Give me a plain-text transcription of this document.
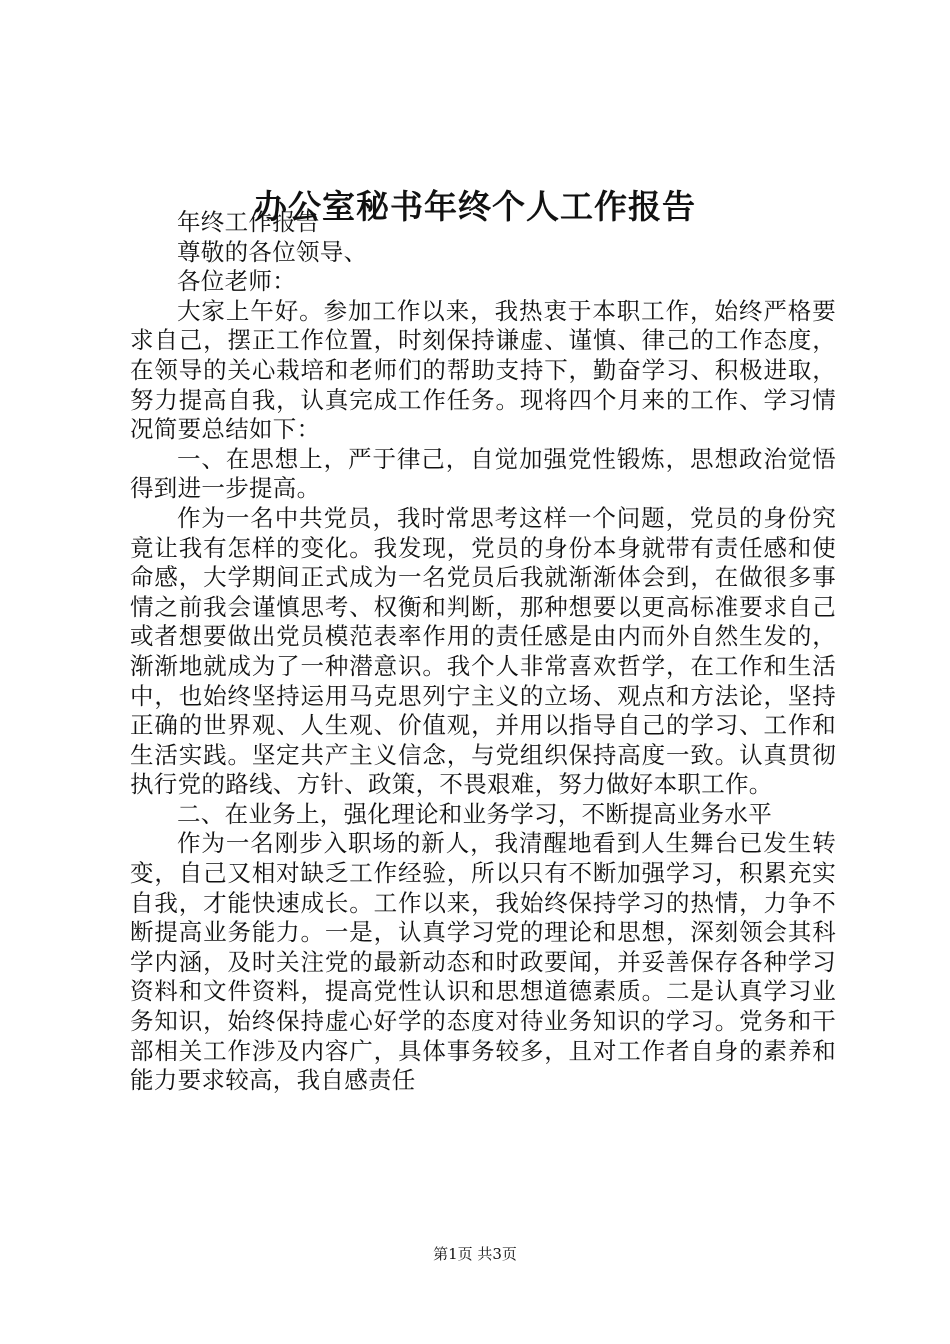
办公室秘书年终个人工作报告

年终工作报告

尊敬的各位领导、

各位老师：

大家上午好。参加工作以来，我热衷于本职工作，始终严格要求自己，摆正工作位置，时刻保持谦虚、谨慎、律己的工作态度，在领导的关心栽培和老师们的帮助支持下，勤奋学习、积极进取，努力提高自我，认真完成工作任务。现将四个月来的工作、学习情况简要总结如下：

一、在思想上，严于律己，自觉加强党性锻炼，思想政治觉悟得到进一步提高。

作为一名中共党员，我时常思考这样一个问题，党员的身份究竟让我有怎样的变化。我发现，党员的身份本身就带有责任感和使命感，大学期间正式成为一名党员后我就渐渐体会到，在做很多事情之前我会谨慎思考、权衡和判断，那种想要以更高标准要求自己或者想要做出党员模范表率作用的责任感是由内而外自然生发的，渐渐地就成为了一种潜意识。我个人非常喜欢哲学，在工作和生活中，也始终坚持运用马克思列宁主义的立场、观点和方法论，坚持正确的世界观、人生观、价值观，并用以指导自己的学习、工作和生活实践。坚定共产主义信念，与党组织保持高度一致。认真贯彻执行党的路线、方针、政策，不畏艰难，努力做好本职工作。

二、在业务上，强化理论和业务学习，不断提高业务水平

作为一名刚步入职场的新人，我清醒地看到人生舞台已发生转变，自己又相对缺乏工作经验，所以只有不断加强学习，积累充实自我，才能快速成长。工作以来，我始终保持学习的热情，力争不断提高业务能力。一是，认真学习党的理论和思想，深刻领会其科学内涵，及时关注党的最新动态和时政要闻，并妥善保存各种学习资料和文件资料，提高党性认识和思想道德素质。二是认真学习业务知识，始终保持虚心好学的态度对待业务知识的学习。党务和干部相关工作涉及内容广，具体事务较多，且对工作者自身的素养和能力要求较高，我自感责任

第1页 共3页
